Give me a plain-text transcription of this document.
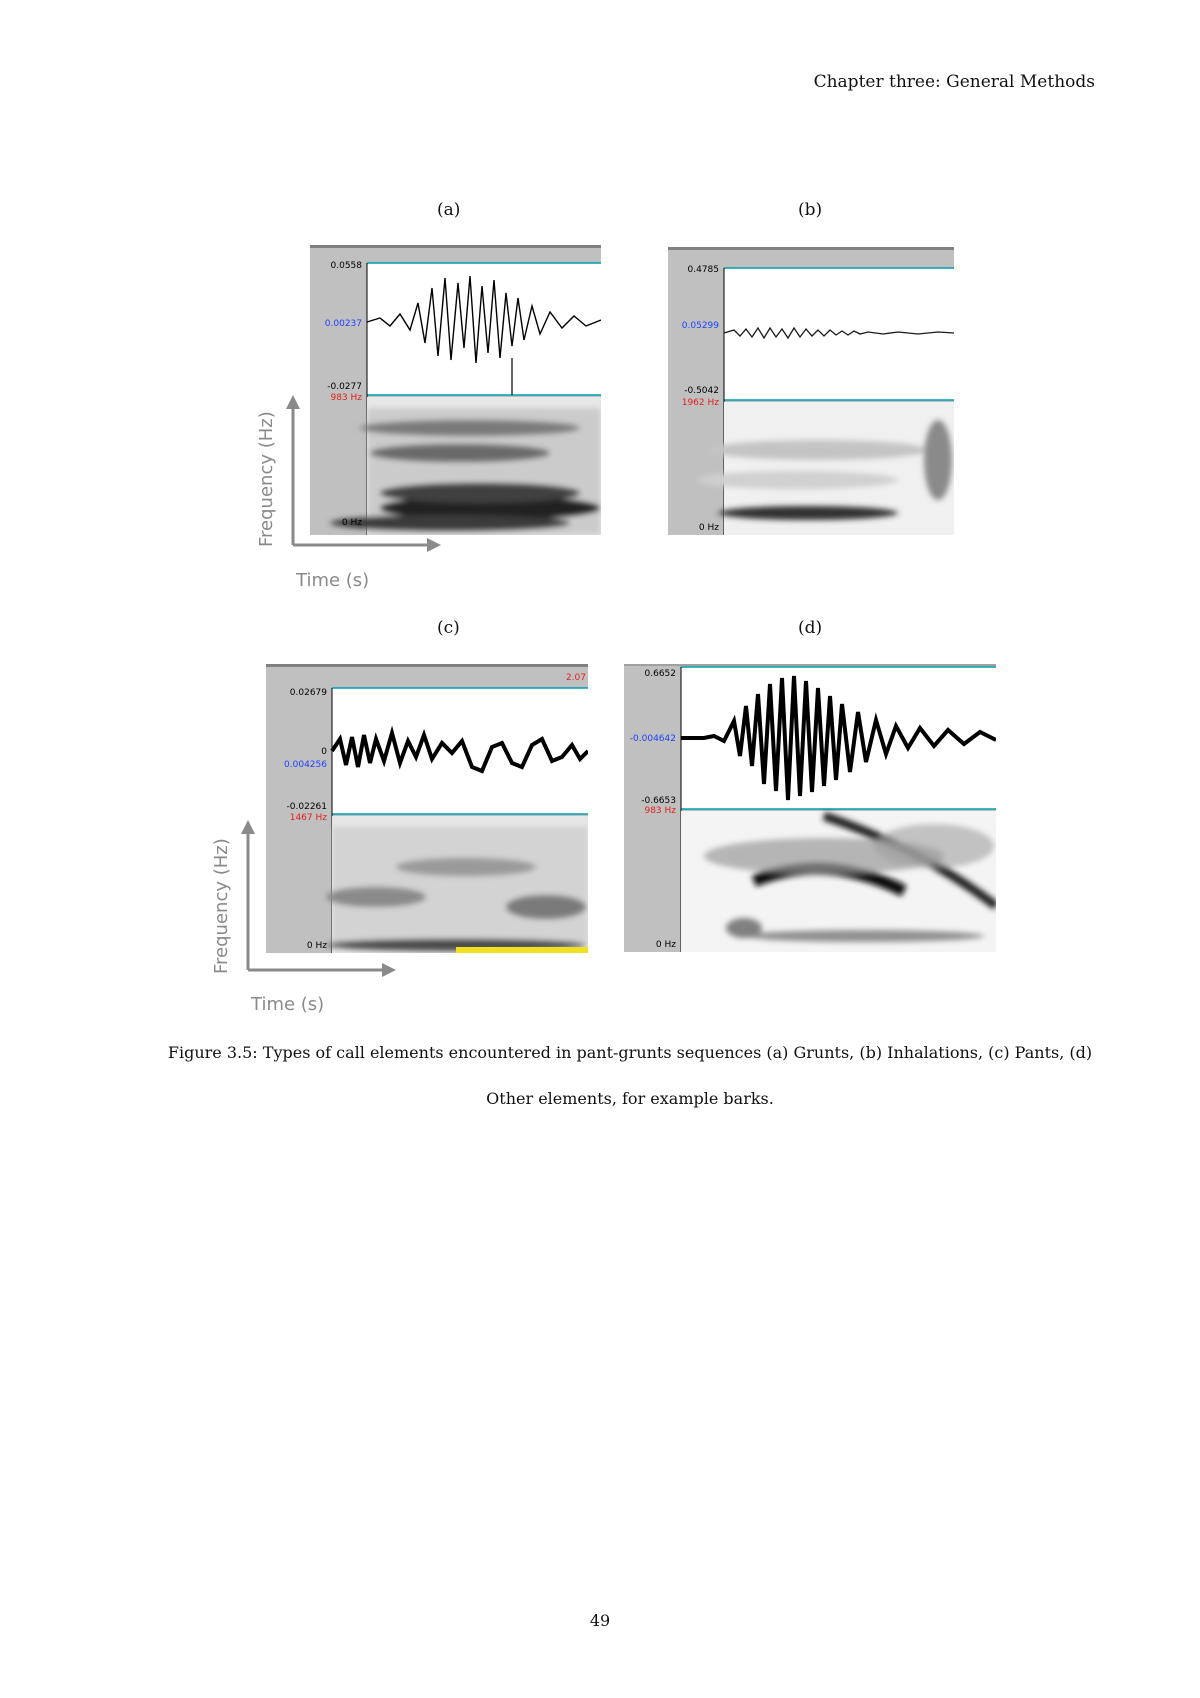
Chapter three: General Methods
(a)	(b)
(c)	(d)
0.0558
0.00237
-0.0277
983 Hz
0 Hz
0.4785
0.05299
-0.5042
1962 Hz
0 Hz
0.02679
0
0.004256
-0.02261
1467 Hz
0 Hz
2.07	0.6652
-0.004642
-0.6653
983 Hz
0 Hz
Frequency (Hz)
Time (s)
Frequency (Hz)
Time (s)
Figure 3.5: Types of call elements encountered in pant-grunts sequences (a) Grunts, (b) Inhalations, (c) Pants, (d)
Other elements, for example barks.
49
